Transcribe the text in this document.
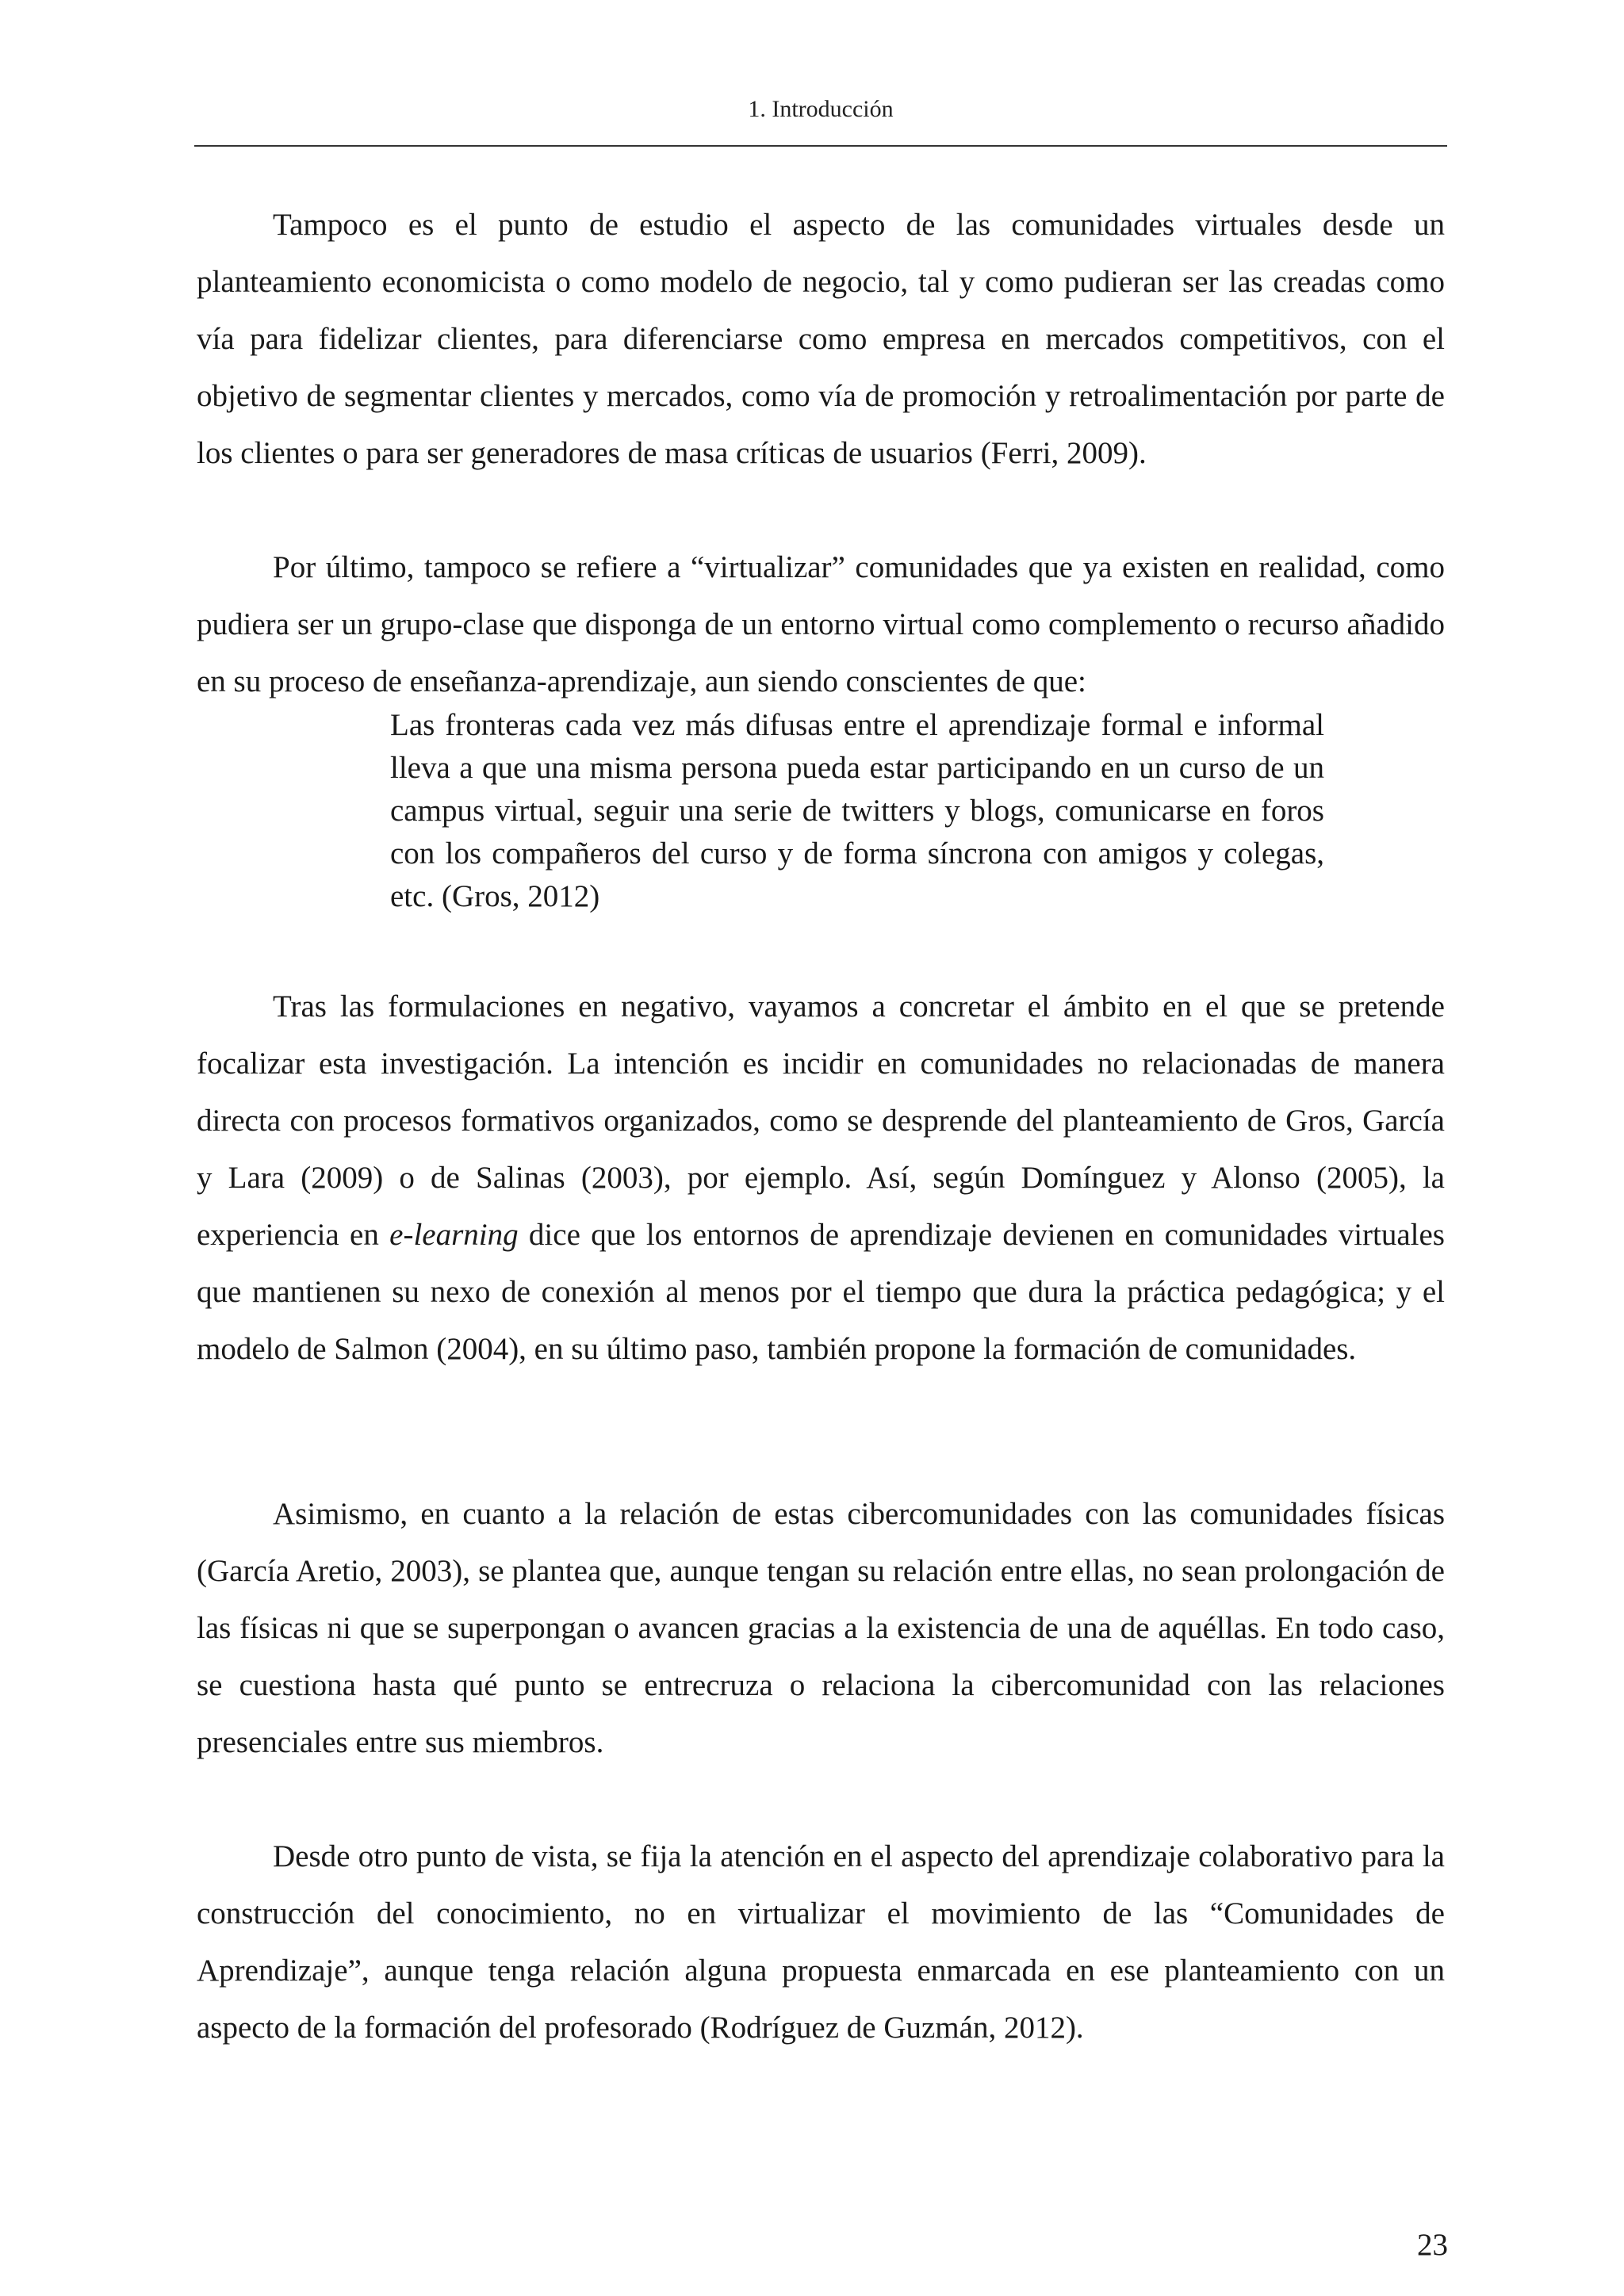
1. Introducción

Tampoco es el punto de estudio el aspecto de las comunidades virtuales desde un planteamiento economicista o como modelo de negocio, tal y como pudieran ser las creadas como vía para fidelizar clientes, para diferenciarse como empresa en mercados competitivos, con el objetivo de segmentar clientes y mercados, como vía de promoción y retroalimentación por parte de los clientes o para ser generadores de masa críticas de usuarios (Ferri, 2009).

Por último, tampoco se refiere a “virtualizar” comunidades que ya existen en realidad, como pudiera ser un grupo-clase que disponga de un entorno virtual como complemento o recurso añadido en su proceso de enseñanza-aprendizaje, aun siendo conscientes de que:

Las fronteras cada vez más difusas entre el aprendizaje formal e informal lleva a que una misma persona pueda estar participando en un curso de un campus virtual, seguir una serie de twitters y blogs, comunicarse en foros con los compañeros del curso y de forma síncrona con amigos y colegas, etc. (Gros, 2012)

Tras las formulaciones en negativo, vayamos a concretar el ámbito en el que se pretende focalizar esta investigación. La intención es incidir en comunidades no relacionadas de manera directa con procesos formativos organizados, como se desprende del planteamiento de Gros, García y Lara (2009) o de Salinas (2003), por ejemplo. Así, según Domínguez y Alonso (2005), la experiencia en e-learning dice que los entornos de aprendizaje devienen en comunidades virtuales que mantienen su nexo de conexión al menos por el tiempo que dura la práctica pedagógica; y el modelo de Salmon (2004), en su último paso, también propone la formación de comunidades.

Asimismo, en cuanto a la relación de estas cibercomunidades con las comunidades físicas (García Aretio, 2003), se plantea que, aunque tengan su relación entre ellas, no sean prolongación de las físicas ni que se superpongan o avancen gracias a la existencia de una de aquéllas. En todo caso, se cuestiona hasta qué punto se entrecruza o relaciona la cibercomunidad con las relaciones presenciales entre sus miembros.

Desde otro punto de vista, se fija la atención en el aspecto del aprendizaje colaborativo para la construcción del conocimiento, no en virtualizar el movimiento de las “Comunidades de Aprendizaje”, aunque tenga relación alguna propuesta enmarcada en ese planteamiento con un aspecto de la formación del profesorado (Rodríguez de Guzmán, 2012).

23
